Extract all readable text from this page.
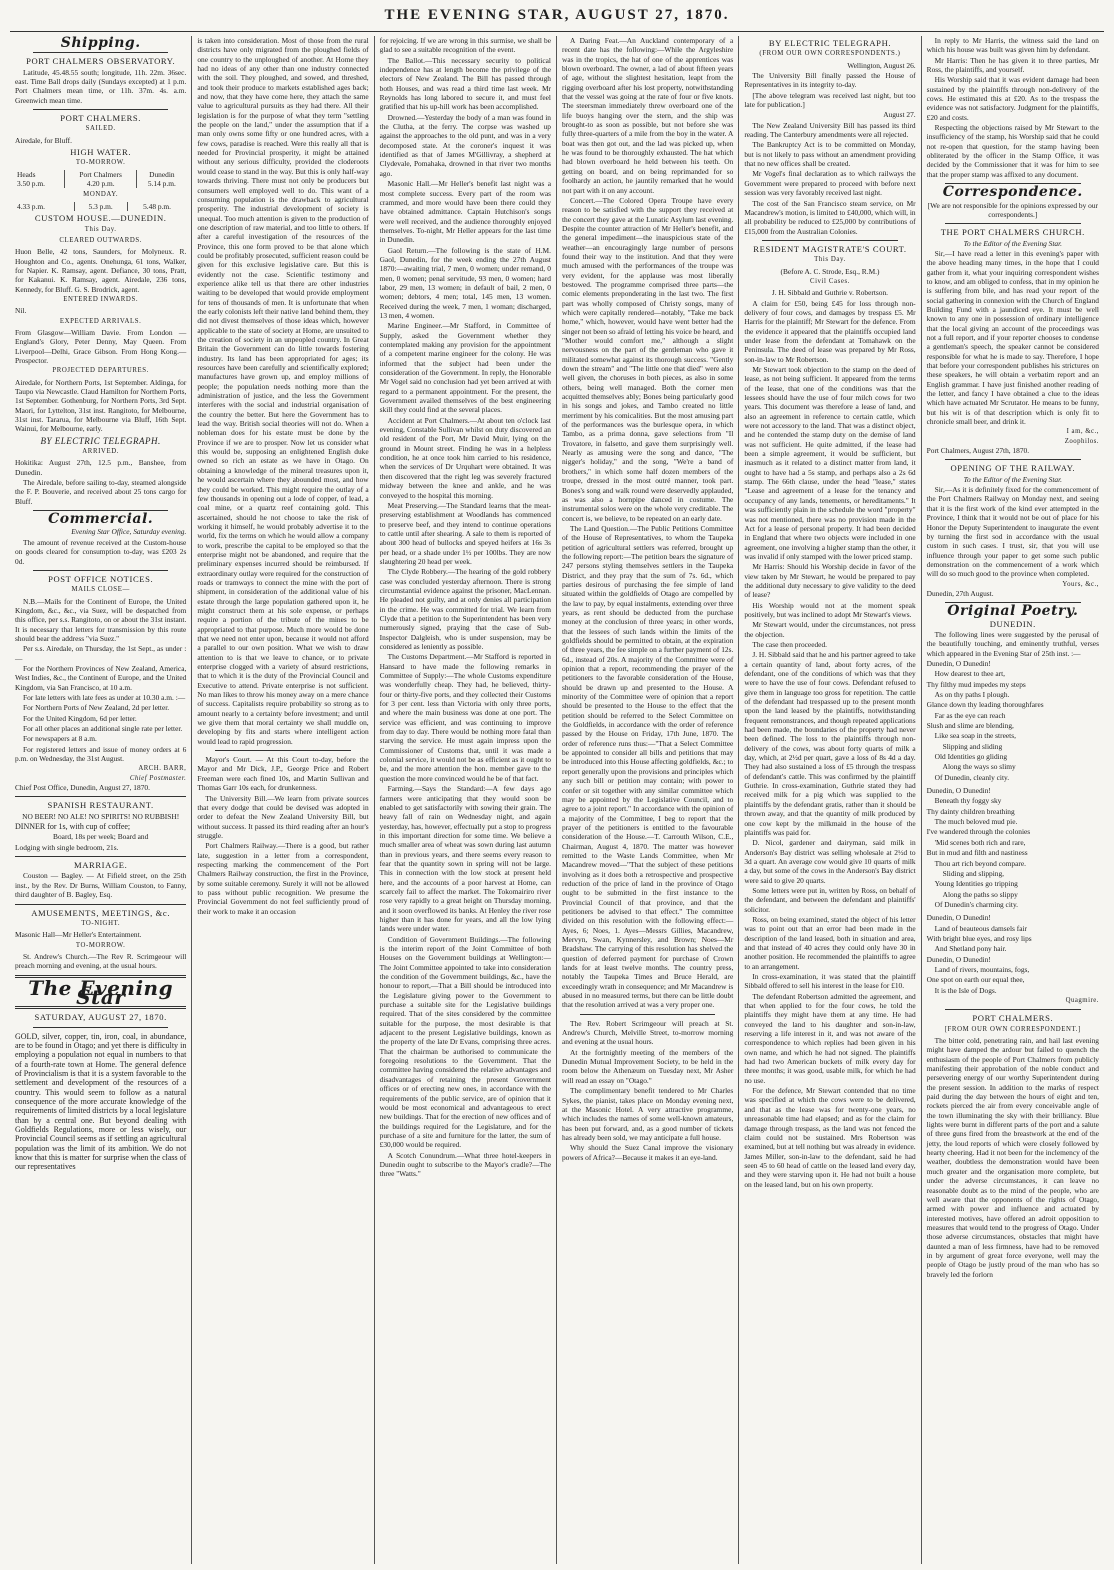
THE EVENING STAR, AUGUST 27, 1870.
Shipping.
PORT CHALMERS OBSERVATORY.

Latitude, 45.48.55 south; longitude, 11h. 22m. 36sec. east. Time Ball drops daily (Sundays excepted) at 1 p.m. Port Chalmers mean time, or 11h. 37m. 4s. a.m. Greenwich mean time.

PORT CHALMERS.
SAILED.

Airedale, for Bluff.

HIGH WATER.
TO-MORROW.
Heads	Port Chalmers	Dunedin
3.50 p.m.	4.20 p.m.	5.14 p.m.
MONDAY.
4.33 p.m.	5.3 p.m.	5.48 p.m.
CUSTOM HOUSE.—DUNEDIN.
This Day.
CLEARED OUTWARDS.

Huon Belle, 42 tons, Saunders, for Molyneux. R. Houghton and Co., agents. Onehunga, 61 tons, Walker, for Napier. K. Ramsay, agent. Defiance, 30 tons, Pratt, for Kakanui. K. Ramsay, agent. Airedale, 236 tons, Kennedy, for Bluff. G. S. Brodrick, agent.

ENTERED INWARDS.

Nil.

EXPECTED ARRIVALS.

From Glasgow—William Davie. From London — England's Glory, Peter Denny, May Queen. From Liverpool—Delhi, Grace Gibson. From Hong Kong.—Prospector.

PROJECTED DEPARTURES.

Airedale, for Northern Ports, 1st September. Aldinga, for Taupo via Newcastle. Claud Hamilton for Northern Ports, 1st September. Gothenburg, for Northern Ports, 3rd Sept. Maori, for Lyttelton, 31st inst. Rangitoto, for Melbourne, 31st inst. Tararua, for Melbourne via Bluff, 16th Sept. Wainui, for Melbourne, early.

BY ELECTRIC TELEGRAPH.
ARRIVED.

Hokitika: August 27th, 12.5 p.m., Banshee, from Dunedin.

The Airedale, before sailing to-day, steamed alongside the F. P. Bouverie, and received about 25 tons cargo for Bluff.

Commercial.

Evening Star Office, Saturday evening.

The amount of revenue received at the Custom-house on goods cleared for consumption to-day, was £203 2s 0d.

POST OFFICE NOTICES.
MAILS CLOSE—

N.B.—Mails for the Continent of Europe, the United Kingdom, &c., &c., via Suez, will be despatched from this office, per s.s. Rangitoto, on or about the 31st instant. It is necessary that letters for transmission by this route should bear the address "via Suez."

Per s.s. Airedale, on Thursday, the 1st Sept., as under :—

For the Northern Provinces of New Zealand, America, West Indies, &c., the Continent of Europe, and the United Kingdom, via San Francisco, at 10 a.m.

For late letters with late fees as under at 10.30 a.m. :—

For Northern Ports of New Zealand, 2d per letter.

For the United Kingdom, 6d per letter.

For all other places an additional single rate per letter.

For newspapers at 8 a.m.

For registered letters and issue of money orders at 6 p.m. on Wednesday, the 31st August.

ARCH. BARR,
Chief Postmaster.

Chief Post Office, Dunedin, August 27, 1870.

SPANISH RESTAURANT.

NO BEER! NO ALE! NO SPIRITS! NO RUBBISH!

DINNER for 1s, with cup of coffee;

Board, 18s per week; Board and

Lodging with single bedroom, 21s.

MARRIAGE.

Couston — Bagley. — At Fifield street, on the 25th inst., by the Rev. Dr Burns, William Couston, to Fanny, third daughter of B. Bagley, Esq.

AMUSEMENTS, MEETINGS, &c.
TO-NIGHT.

Masonic Hall—Mr Heller's Entertainment.

TO-MORROW.

St. Andrew's Church.—The Rev R. Scrimgeour will preach morning and evening, at the usual hours.

The Evening Star
SATURDAY, AUGUST 27, 1870.

GOLD, silver, copper, tin, iron, coal, in abundance, are to be found in Otago; and yet there is difficulty in employing a population not equal in numbers to that of a fourth-rate town at Home. The general defence of Provincialism is that it is a system favorable to the settlement and development of the resources of a country. This would seem to follow as a natural consequence of the more accurate knowledge of the requirements of limited districts by a local legislature than by a central one. But beyond dealing with Goldfields Regulations, more or less wisely, our Provincial Council seems as if settling an agricultural population was the limit of its ambition. We do not know that this is matter for surprise when the class of our representatives

is taken into consideration. Most of those from the rural districts have only migrated from the ploughed fields of one country to the unploughed of another. At Home they had no ideas of any other than one industry connected with the soil. They ploughed, and sowed, and threshed, and took their produce to markets established ages back; and now, that they have come here, they attach the same value to agricultural pursuits as they had there. All their legislation is for the purpose of what they term "settling the people on the land," under the assumption that if a man only owns some fifty or one hundred acres, with a few cows, paradise is reached. Were this really all that is needed for Provincial prosperity, it might be attained without any serious difficulty, provided the cloderoots would cease to stand in the way. But this is only half-way towards thriving. There must not only be producers but consumers well employed well to do. This want of a consuming population is the drawback to agricultural prosperity. The industrial development of society is unequal. Too much attention is given to the production of one description of raw material, and too little to others. If after a careful investigation of the resources of the Province, this one form proved to be that alone which could be profitably prosecuted, sufficient reason could be given for this exclusive legislative care. But this is evidently not the case. Scientific testimony and experience alike tell us that there are other industries waiting to be developed that would provide employment for tens of thousands of men. It is unfortunate that when the early colonists left their native land behind them, they did not divest themselves of those ideas which, however applicable to the state of society at Home, are unsuited to the creation of society in an unpeopled country. In Great Britain the Government can do little towards fostering industry. Its land has been appropriated for ages; its resources have been carefully and scientifically explored; manufactures have grown up, and employ millions of people; the population needs nothing more than the administration of justice, and the less the Government interferes with the social and industrial organisation of the country the better. But here the Government has to lead the way. British social theories will not do. When a nobleman does for his estate must be done by the Province if we are to prosper. Now let us consider what this would be, supposing an enlightened English duke owned so rich an estate as we have in Otago. On obtaining a knowledge of the mineral treasures upon it, he would ascertain where they abounded most, and how they could be worked. This might require the outlay of a few thousands in opening out a lode of copper, of lead, a coal mine, or a quartz reef containing gold. This ascertained, should he not choose to take the risk of working it himself, he would probably advertise it to the world, fix the terms on which he would allow a company to work, prescribe the capital to be employed so that the enterprise might not be abandoned, and require that the preliminary expenses incurred should be reimbursed. If extraordinary outlay were required for the construction of roads or tramways to connect the mine with the port of shipment, in consideration of the additional value of his estate through the large population gathered upon it, he might construct them at his sole expense, or perhaps require a portion of the tribute of the mines to be appropriated to that purpose. Much more would be done that we need not enter upon, because it would not afford a parallel to our own position. What we wish to draw attention to is that we leave to chance, or to private enterprise clogged with a variety of absurd restrictions, that to which it is the duty of the Provincial Council and Executive to attend. Private enterprise is not sufficient. No man likes to throw his money away on a mere chance of success. Capitalists require probability so strong as to amount nearly to a certainty before investment; and until we give them that moral certainty we shall muddle on, developing by fits and starts where intelligent action would lead to rapid progression.

Mayor's Court. — At this Court to-day, before the Mayor and Mr Dick, J.P., George Price and Robert Freeman were each fined 10s, and Martin Sullivan and Thomas Garr 10s each, for drunkenness.

The University Bill.—We learn from private sources that every dodge that could be devised was adopted in order to defeat the New Zealand University Bill, but without success. It passed its third reading after an hour's struggle.

Port Chalmers Railway.—There is a good, but rather late, suggestion in a letter from a correspondent, respecting marking the commencement of the Port Chalmers Railway construction, the first in the Province, by some suitable ceremony. Surely it will not be allowed to pass without public recognition. We presume the Provincial Government do not feel sufficiently proud of their work to make it an occasion

for rejoicing. If we are wrong in this surmise, we shall be glad to see a suitable recognition of the event.

The Ballot.—This necessary security to political independence has at length become the privilege of the electors of New Zealand. The Bill has passed through both Houses, and was read a third time last week. Mr Reynolds has long labored to secure it, and must feel gratified that his up-hill work has been accomplished.

Drowned.—Yesterday the body of a man was found in the Clutha, at the ferry. The corpse was washed up against the approaches to the old punt, and was in a very decomposed state. At the coroner's inquest it was identified as that of James M'Gillivray, a shepherd at Clydevale, Pomahaka, drowned in that river two months ago.

Masonic Hall.—Mr Heller's benefit last night was a most complete success. Every part of the room was crammed, and more would have been there could they have obtained admittance. Captain Hutchison's songs were well received, and the audience thoroughly enjoyed themselves. To-night, Mr Heller appears for the last time in Dunedin.

Gaol Return.—The following is the state of H.M. Gaol, Dunedin, for the week ending the 27th August 1870:—awaiting trial, 7 men, 0 women; under remand, 0 men, 0 women; penal servitude, 93 men, 0 women; hard labor, 29 men, 13 women; in default of bail, 2 men, 0 women; debtors, 4 men; total, 145 men, 13 women. Received during the week, 7 men, 1 woman; discharged, 13 men, 4 women.

Marine Engineer.—Mr Stafford, in Committee of Supply, asked the Government whether they contemplated making any provision for the appointment of a competent marine engineer for the colony. He was informed that the subject had been under the consideration of the Government. In reply, the Honorable Mr Vogel said no conclusion had yet been arrived at with regard to a permanent appointment. For the present, the Government availed themselves of the best engineering skill they could find at the several places.

Accident at Port Chalmers.—At about ten o'clock last evening, Constable Sullivan whilst on duty discovered an old resident of the Port, Mr David Muir, lying on the ground in Mount street. Finding he was in a helpless condition, he at once took him carried to his residence, when the services of Dr Urquhart were obtained. It was then discovered that the right leg was severely fractured midway between the knee and ankle, and he was conveyed to the hospital this morning.

Meat Preserving.—The Standard learns that the meat-preserving establishment at Woodlands has commenced to preserve beef, and they intend to continue operations to cattle until after shearing. A sale to them is reported of about 300 head of bullocks and speyed heifers at 16s 3s per head, or a shade under 1½ per 100lbs. They are now slaughtering 20 head per week.

The Clyde Robbery.—The hearing of the gold robbery case was concluded yesterday afternoon. There is strong circumstantial evidence against the prisoner, MacLennan. He pleaded not guilty, and at only denies all participation in the crime. He was committed for trial. We learn from Clyde that a petition to the Superintendent has been very numerously signed, praying that the case of Sub-Inspector Dalgleish, who is under suspension, may be considered as leniently as possible.

The Customs Department.—Mr Stafford is reported in Hansard to have made the following remarks in Committee of Supply:—The whole Customs expenditure was wonderfully cheap. They had, he believed, thirty-four or thirty-five ports, and they collected their Customs for 3 per cent. less than Victoria with only three ports, and where the main business was done at one port. The service was efficient, and was continuing to improve from day to day. There would be nothing more fatal than starving the service. He must again impress upon the Commissioner of Customs that, until it was made a colonial service, it would not be as efficient as it ought to be, and the more attention the hon. member gave to the question the more convinced would he be of that fact.

Farming.—Says the Standard:—A few days ago farmers were anticipating that they would soon be enabled to get satisfactorily with sowing their grain. The heavy fall of rain on Wednesday night, and again yesterday, has, however, effectually put a stop to progress in this important direction for some time. We believe a much smaller area of wheat was sown during last autumn than in previous years, and there seems every reason to fear that the quantity sown in spring will not be large. This in connection with the low stock at present held here, and the accounts of a poor harvest at Home, can scarcely fail to affect the market. The Tokomairiro river rose very rapidly to a great height on Thursday morning, and it soon overflowed its banks. At Henley the river rose higher than it has done for years, and all the low lying lands were under water.

Condition of Government Buildings.—The following is the interim report of the Joint Committee of both Houses on the Government buildings at Wellington:—The Joint Committee appointed to take into consideration the condition of the Government buildings, &c., have the honour to report,—That a Bill should be introduced into the Legislature giving power to the Government to purchase a suitable site for the Legislative buildings required. That of the sites considered by the committee suitable for the purpose, the most desirable is that adjacent to the present Legislative buildings, known as the property of the late Dr Evans, comprising three acres. That the chairman be authorised to communicate the foregoing resolutions to the Government. That the committee having considered the relative advantages and disadvantages of retaining the present Government offices or of erecting new ones, in accordance with the requirements of the public service, are of opinion that it would be most economical and advantageous to erect new buildings. That for the erection of new offices and of the buildings required for the Legislature, and for the purchase of a site and furniture for the latter, the sum of £30,000 would be required.

A Scotch Conundrum.—What three hotel-keepers in Dunedin ought to subscribe to the Mayor's cradle?—The three "Watts."

A Daring Feat.—An Auckland contemporary of a recent date has the following:—While the Argyleshire was in the tropics, the hat of one of the apprentices was blown overboard. The owner, a lad of about fifteen years of age, without the slightest hesitation, leapt from the rigging overboard after his lost property, notwithstanding that the vessel was going at the rate of four or five knots. The steersman immediately threw overboard one of the life buoys hanging over the stern, and the ship was brought-to as soon as possible, but not before she was fully three-quarters of a mile from the boy in the water. A boat was then got out, and the lad was picked up, when he was found to be thoroughly exhausted. The hat which had blown overboard he held between his teeth. On getting on board, and on being reprimanded for so foolhardy an action, he jauntily remarked that he would not part with it on any account.

Concert.—The Colored Opera Troupe have every reason to be satisfied with the support they received at the concert they gave at the Lunatic Asylum last evening. Despite the counter attraction of Mr Heller's benefit, and the general impediment—the inauspicious state of the weather—an encouragingly large number of persons found their way to the institution. And that they were much amused with the performances of the troupe was very evident, for the applause was most liberally bestowed. The programme comprised three parts—the comic elements preponderating in the last two. The first part was wholly composed of Christy songs, many of which were capitally rendered—notably, "Take me back home," which, however, would have went better had the singer not been so afraid of letting his voice be heard, and "Mother would comfort me," although a slight nervousness on the part of the gentleman who gave it militated somewhat against its thorough success. "Gently down the stream" and "The little one that died" were also well given, the choruses in both pieces, as also in some others, being well managed. Both the corner men acquitted themselves ably; Bones being particularly good in his songs and jokes, and Tambo created no little merriment by his comicalities. But the most amusing part of the performances was the burlesque opera, in which Tambo, as a prima donna, gave selections from "Il Trovatore, in falsetto, and gave them surprisingly well. Nearly as amusing were the song and dance, "The nigger's holiday," and the song, "We're a band of brothers," in which some half dozen members of the troupe, dressed in the most outré manner, took part. Bones's song and walk round were deservedly applauded, as was also a hornpipe danced in costume. The instrumental solos were on the whole very creditable. The concert is, we believe, to be repeated on an early date.

The Land Question.—The Public Petitions Committee of the House of Representatives, to whom the Taupeka petition of agricultural settlers was referred, brought up the following report:—The petition bears the signature of 247 persons styling themselves settlers in the Taupeka District, and they pray that the sum of 7s. 6d., which parties desirous of purchasing the fee simple of land situated within the goldfields of Otago are compelled by the law to pay, by equal instalments, extending over three years, as rent should be deducted from the purchase money at the conclusion of three years; in other words, that the lessees of such lands within the limits of the goldfields should be permitted to obtain, at the expiration of three years, the fee simple on a further payment of 12s. 6d., instead of 20s. A majority of the Committee were of opinion that a report, recommending the prayer of the petitioners to the favorable consideration of the House, should be drawn up and presented to the House. A minority of the Committee were of opinion that a report should be presented to the House to the effect that the petition should be referred to the Select Committee on the Goldfields, in accordance with the order of reference passed by the House on Friday, 17th June, 1870. The order of reference runs thus:—"That a Select Committee be appointed to consider all bills and petitions that may be introduced into this House affecting goldfields, &c.; to report generally upon the provisions and principles which any such bill or petition may contain; with power to confer or sit together with any similar committee which may be appointed by the Legislative Council, and to agree to a joint report." In accordance with the opinion of a majority of the Committee, I beg to report that the prayer of the petitioners is entitled to the favourable consideration of the House.—T. Carrouth Wilson, C.E., Chairman, August 4, 1870. The matter was however remitted to the Waste Lands Committee, when Mr Macandrew moved—"That the subject of these petitions involving as it does both a retrospective and prospective reduction of the price of land in the province of Otago ought to be submitted in the first instance to the Provincial Council of that province, and that the petitioners be advised to that effect." The committee divided on this resolution with the following effect:—Ayes, 6; Noes, 1. Ayes—Messrs Gillies, Macandrew, Mervyn, Swan, Kynnersley, and Brown; Noes—Mr Bradshaw. The carrying of this resolution has shelved the question of deferred payment for purchase of Crown lands for at least twelve months. The country press, notably the Taupeka Times and Bruce Herald, are exceedingly wrath in consequence; and Mr Macandrew is abused in no measured terms, but there can be little doubt that the resolution arrived at was a very proper one.

The Rev. Robert Scrimgeour will preach at St. Andrew's Church, Melville Street, to-morrow morning and evening at the usual hours.

At the fortnightly meeting of the members of the Dunedin Mutual Improvement Society, to be held in the room below the Athenæum on Tuesday next, Mr Asher will read an essay on "Otago."

The complimentary benefit tendered to Mr Charles Sykes, the pianist, takes place on Monday evening next, at the Masonic Hotel. A very attractive programme, which includes the names of some well-known amateurs, has been put forward, and, as a good number of tickets has already been sold, we may anticipate a full house.

Why should the Suez Canal improve the visionary powers of Africa?—Because it makes it an eye-land.

BY ELECTRIC TELEGRAPH.
(FROM OUR OWN CORRESPONDENTS.)

Wellington, August 26.

The University Bill finally passed the House of Representatives in its integrity to-day.

[The above telegram was received last night, but too late for publication.]

August 27.

The New Zealand University Bill has passed its third reading. The Canterbury amendments were all rejected.

The Bankruptcy Act is to be committed on Monday, but is not likely to pass without an amendment providing that no new offices shall be created.

Mr Vogel's final declaration as to which railways the Government were prepared to proceed with before next session was very favorably received last night.

The cost of the San Francisco steam service, on Mr Macandrew's motion, is limited to £40,000, which will, in all probability be reduced to £25,000 by contributions of £15,000 from the Australian Colonies.

RESIDENT MAGISTRATE'S COURT.
This Day.

(Before A. C. Strode, Esq., R.M.)

Civil Cases.

J. H. Sibbald and Guthrie v. Robertson.

A claim for £50, being £45 for loss through non-delivery of four cows, and damages by trespass £5. Mr Harris for the plaintiff; Mr Stewart for the defence. From the evidence it appeared that the plaintiffs occupied land under lease from the defendant at Tomahawk on the Peninsula. The deed of lease was prepared by Mr Ross, son-in-law to Mr Robertson.

Mr Stewart took objection to the stamp on the deed of lease, as not being sufficient. It appeared from the terms of the lease, that one of the conditions was that the lessees should have the use of four milch cows for two years. This document was therefore a lease of land, and also an agreement in reference to certain cattle, which were not accessory to the land. That was a distinct object, and he contended the stamp duty on the demise of land was not sufficient. He quite admitted, if the lease had been a simple agreement, it would be sufficient, but inasmuch as it related to a distinct matter from land, it ought to have had a 5s stamp, and perhaps also a 2s 6d stamp. The 66th clause, under the head "lease," states "Lease and agreement of a lease for the tenancy and occupancy of any lands, tenements, or hereditaments." It was sufficiently plain in the schedule the word "property" was not mentioned, there was no provision made in the Act for a lease of personal property. It had been decided in England that where two objects were included in one agreement, one involving a higher stamp than the other, it was invalid if only stamped with the lower priced stamp.

Mr Harris: Should his Worship decide in favor of the view taken by Mr Stewart, he would be prepared to pay the additional duty necessary to give validity to the deed of lease?

His Worship would not at the moment speak positively, but was inclined to adopt Mr Stewart's views.

Mr Stewart would, under the circumstances, not press the objection.

The case then proceeded.

J. H. Sibbald said that he and his partner agreed to take a certain quantity of land, about forty acres, of the defendant, one of the conditions of which was that they were to have the use of four cows. Defendant refused to give them in language too gross for repetition. The cattle of the defendant had trespassed up to the present month upon the land leased by the plaintiffs, notwithstanding frequent remonstrances, and though repeated applications had been made, the boundaries of the property had never been defined. The loss to the plaintiffs through non-delivery of the cows, was about forty quarts of milk a day, which, at 2½d per quart, gave a loss of 8s 4d a day. They had also sustained a loss of £5 through the trespass of defendant's cattle. This was confirmed by the plaintiff Guthrie. In cross-examination, Guthrie stated they had received milk for a pig which was supplied to the plaintiffs by the defendant gratis, rather than it should be thrown away, and that the quantity of milk produced by one cow kept by the milkmaid in the house of the plaintiffs was paid for.

D. Nicol, gardener and dairyman, said milk in Anderson's Bay district was selling wholesale at 2½d to 3d a quart. An average cow would give 10 quarts of milk a day, but some of the cows in the Anderson's Bay district were said to give 20 quarts.

Some letters were put in, written by Ross, on behalf of the defendant, and between the defendant and plaintiffs' solicitor.

Ross, on being examined, stated the object of his letter was to point out that an error had been made in the description of the land leased, both in situation and area, and that instead of 40 acres they could only have 30 in another position. He recommended the plaintiffs to agree to an arrangement.

In cross-examination, it was stated that the plaintiff Sibbald offered to sell his interest in the lease for £10.

The defendant Robertson admitted the agreement, and that when applied to for the four cows, he told the plaintiffs they might have them at any time. He had conveyed the land to his daughter and son-in-law, reserving a life interest in it, and was not aware of the correspondence to which replies had been given in his own name, and which he had not signed. The plaintiffs had had two American buckets of milk every day for three months; it was good, usable milk, for which he had no use.

For the defence, Mr Stewart contended that no time was specified at which the cows were to be delivered, and that as the lease was for twenty-one years, no unreasonable time had elapsed; and as for the claim for damage through trespass, as the land was not fenced the claim could not be sustained. Mrs Robertson was examined, but at tell nothing but was already in evidence. James Miller, son-in-law to the defendant, said he had seen 45 to 60 head of cattle on the leased land every day, and they were starving upon it. He had not built a house on the leased land, but on his own property.

In reply to Mr Harris, the witness said the land on which his house was built was given him by defendant.

Mr Harris: Then he has given it to three parties, Mr Ross, the plaintiffs, and yourself.

His Worship said that it was evident damage had been sustained by the plaintiffs through non-delivery of the cows. He estimated this at £20. As to the trespass the evidence was not satisfactory. Judgment for the plaintiffs, £20 and costs.

Respecting the objections raised by Mr Stewart to the insufficiency of the stamp, his Worship said that he could not re-open that question, for the stamp having been obliterated by the officer in the Stamp Office, it was decided by the Commissioner that it was for him to see that the proper stamp was affixed to any document.

Correspondence.

[We are not responsible for the opinions expressed by our correspondents.]

THE PORT CHALMERS CHURCH.

To the Editor of the Evening Star.

Sir,—I have read a letter in this evening's paper with the above heading many times, in the hope that I could gather from it, what your inquiring correspondent wishes to know, and am obliged to confess, that in my opinion he is suffering from bile, and has read your report of the social gathering in connexion with the Church of England Building Fund with a jaundiced eye. It must be well known to any one in possession of ordinary intelligence that the local giving an account of the proceedings was not a full report, and if your reporter chooses to condense a gentleman's speech, the speaker cannot be considered responsible for what he is made to say. Therefore, I hope that before your correspondent publishes his strictures on these speakers, he will obtain a verbatim report and an English grammar. I have just finished another reading of the letter, and fancy I have obtained a clue to the ideas which have actuated Mr Scrutator. He means to be funny, but his wit is of that description which is only fit to chronicle small beer, and drink it.

I am, &c.,
Zoophilos.

Port Chalmers, August 27th, 1870.

OPENING OF THE RAILWAY.

To the Editor of the Evening Star.

Sir,—As it is definitely fixed for the commencement of the Port Chalmers Railway on Monday next, and seeing that it is the first work of the kind ever attempted in the Province, I think that it would not be out of place for his Honor the Deputy Superintendent to inaugurate the event by turning the first sod in accordance with the usual custom in such cases. I trust, sir, that you will use influence through your paper to get some such public demonstration on the commencement of a work which will do so much good to the province when completed.

Yours, &c.,

Dunedin, 27th August.

Original Poetry.
DUNEDIN.

The following lines were suggested by the perusal of the beautifully touching, and eminently truthful, verses which appeared in the Evening Star of 25th inst. :—

Dunedin, O Dunedin!

How dearest to thee art,

Thy filthy mud impedes my steps

As on thy paths I plough.

Glance down thy leading thoroughfares

Far as the eye can reach

Slush and slime are blending,

Like sea soap in the streets,

Slipping and sliding

Old Identities go gliding

Along the ways so slimy

Of Dunedin, cleanly city.

Dunedin, O Dunedin!

Beneath thy foggy sky

Thy dainty children breathing

The much beloved mud pie.

I've wandered through the colonies

'Mid scenes both rich and rare,

But in mud and filth and nastiness

Thou art rich beyond compare.

Sliding and slipping,

Young Identities go tripping

Along the paths so slippy

Of Dunedin's charming city.

Dunedin, O Dunedin!

Land of beauteous damsels fair

With bright blue eyes, and rosy lips

And Shetland pony hair.

Dunedin, O Dunedin!

Land of rivers, mountains, fogs,

One spot on earth our equal thee,

It is the Isle of Dogs.

Quagmire.
PORT CHALMERS.
[FROM OUR OWN CORRESPONDENT.]

The bitter cold, penetrating rain, and hail last evening might have damped the ardour but failed to quench the enthusiasm of the people of Port Chalmers from publicly manifesting their approbation of the noble conduct and persevering energy of our worthy Superintendent during the present session. In addition to the marks of respect paid during the day between the hours of eight and ten, rockets pierced the air from every conceivable angle of the town illuminating the sky with their brilliancy. Blue lights were burnt in different parts of the port and a salute of three guns fired from the breastwork at the end of the jetty, the loud reports of which were closely followed by hearty cheering. Had it not been for the inclemency of the weather, doubtless the demonstration would have been much greater and the organisation more complete, but under the adverse circumstances, it can leave no reasonable doubt as to the mind of the people, who are well aware that the opponents of the rights of Otago, armed with power and influence and actuated by interested motives, have offered an adroit opposition to measures that would tend to the progress of Otago. Under those adverse circumstances, obstacles that might have daunted a man of less firmness, have had to be removed in by argument of great force everyone, well may the people of Otago be justly proud of the man who has so bravely led the forlorn
